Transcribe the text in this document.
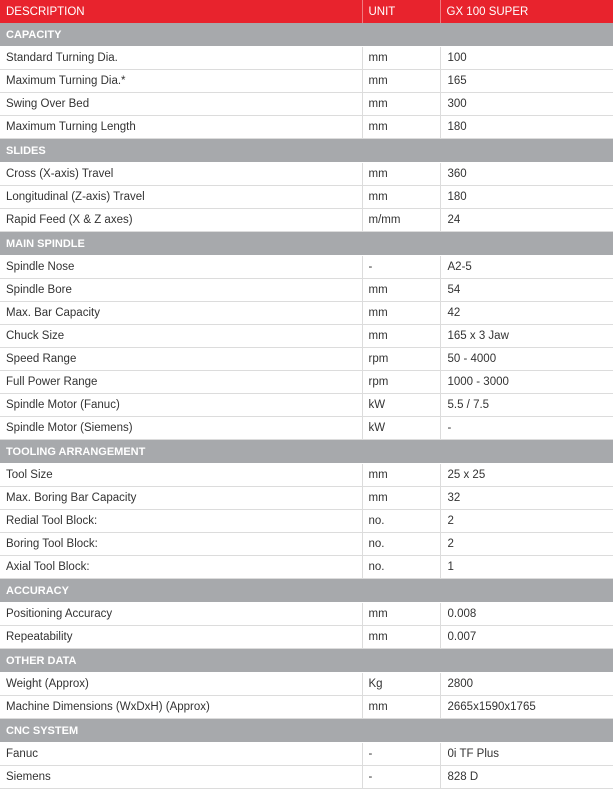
DESCRIPTION	UNIT	GX 100 SUPER
CAPACITY		
Standard Turning Dia.	mm	100
Maximum Turning Dia.*	mm	165
Swing Over Bed	mm	300
Maximum Turning Length	mm	180
SLIDES		
Cross (X-axis) Travel	mm	360
Longitudinal (Z-axis) Travel	mm	180
Rapid Feed (X & Z axes)	m/mm	24
MAIN SPINDLE		
Spindle Nose	-	A2-5
Spindle Bore	mm	54
Max. Bar Capacity	mm	42
Chuck Size	mm	165 x 3 Jaw
Speed Range	rpm	50 - 4000
Full Power Range	rpm	1000 - 3000
Spindle Motor (Fanuc)	kW	5.5 / 7.5
Spindle Motor (Siemens)	kW	-
TOOLING ARRANGEMENT		
Tool Size	mm	25 x 25
Max. Boring Bar Capacity	mm	32
Redial Tool Block:	no.	2
Boring Tool Block:	no.	2
Axial Tool Block:	no.	1
ACCURACY		
Positioning Accuracy	mm	0.008
Repeatability	mm	0.007
OTHER DATA		
Weight (Approx)	Kg	2800
Machine Dimensions (WxDxH) (Approx)	mm	2665x1590x1765
CNC SYSTEM		
Fanuc	-	0i TF Plus
Siemens	-	828 D
